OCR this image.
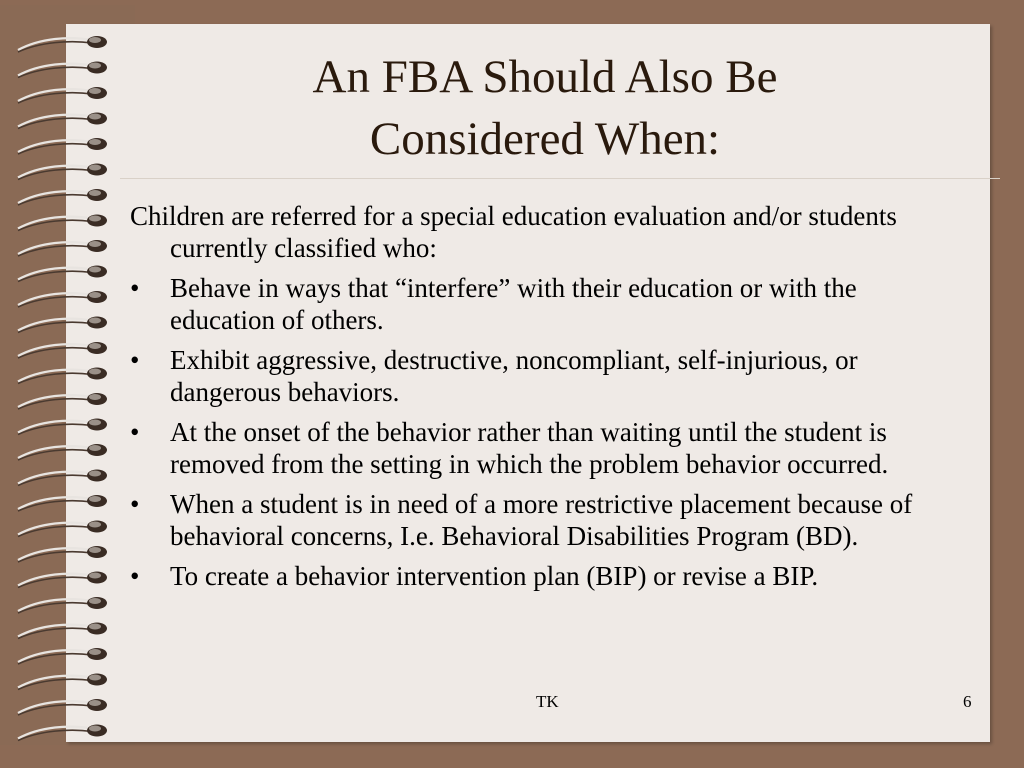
An FBA Should Also Be
Considered When:

Children are referred for a special education evaluation and/or students currently classified who:

•	Behave in ways that “interfere” with their education or with the education of others.
•	Exhibit aggressive, destructive, noncompliant, self-injurious, or dangerous behaviors.
•	At the onset of the behavior rather than waiting until the student is removed from the setting in which the problem behavior occurred.
•	When a student is in need of a more restrictive placement because of behavioral concerns, I.e. Behavioral Disabilities Program (BD).
•	To create a behavior intervention plan (BIP) or revise a BIP.
TK	6
